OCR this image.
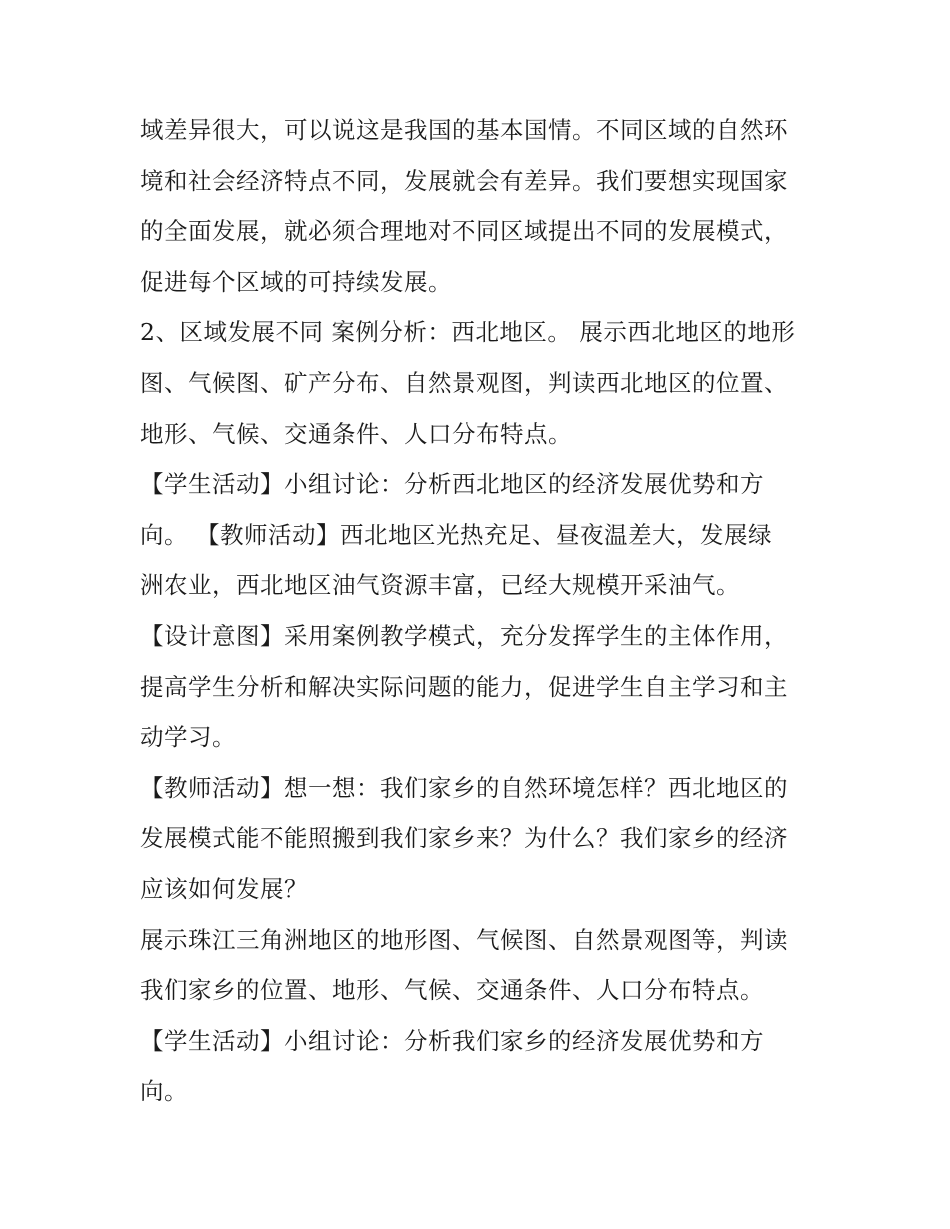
域差异很大，可以说这是我国的基本国情。不同区域的自然环
境和社会经济特点不同，发展就会有差异。我们要想实现国家
的全面发展，就必须合理地对不同区域提出不同的发展模式，
促进每个区域的可持续发展。
2、区域发展不同 案例分析：西北地区。 展示西北地区的地形
图、气候图、矿产分布、自然景观图，判读西北地区的位置、
地形、气候、交通条件、人口分布特点。
【学生活动】小组讨论：分析西北地区的经济发展优势和方
向。 【教师活动】西北地区光热充足、昼夜温差大，发展绿
洲农业，西北地区油气资源丰富，已经大规模开采油气。
【设计意图】采用案例教学模式，充分发挥学生的主体作用，
提高学生分析和解决实际问题的能力，促进学生自主学习和主
动学习。
【教师活动】想一想：我们家乡的自然环境怎样？西北地区的
发展模式能不能照搬到我们家乡来？为什么？我们家乡的经济
应该如何发展？
展示珠江三角洲地区的地形图、气候图、自然景观图等，判读
我们家乡的位置、地形、气候、交通条件、人口分布特点。
【学生活动】小组讨论：分析我们家乡的经济发展优势和方
向。
